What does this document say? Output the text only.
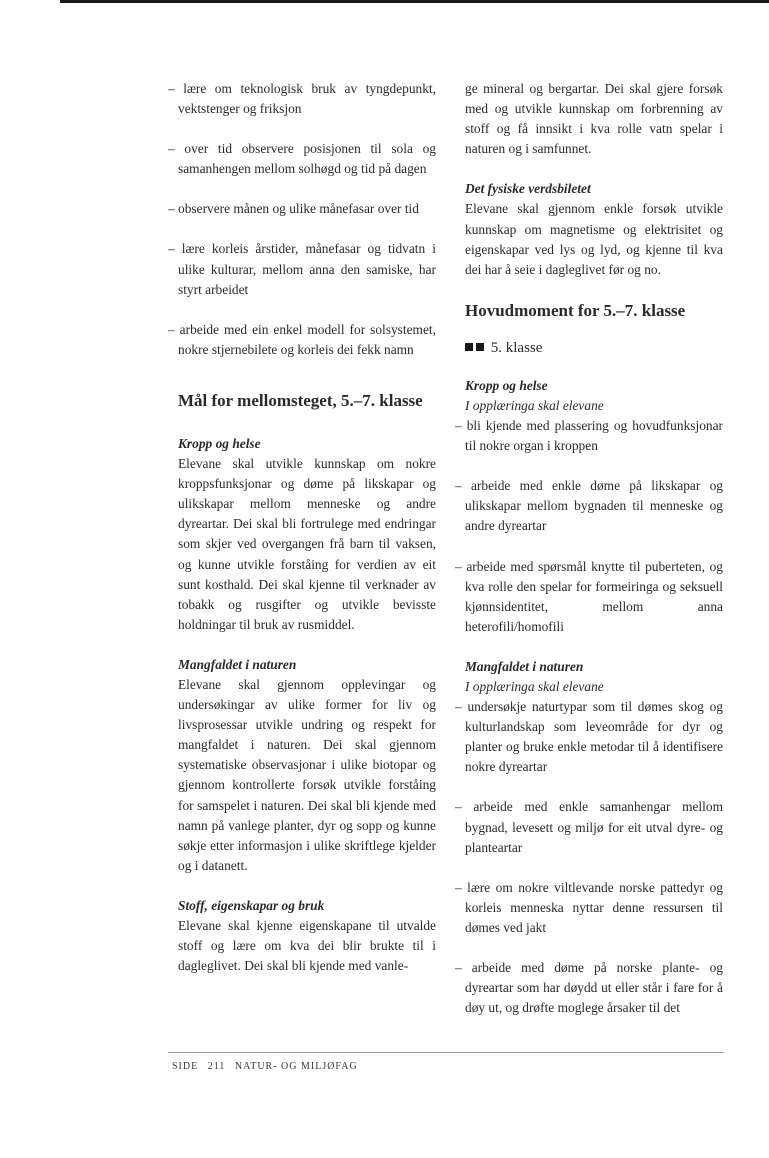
– lære om teknologisk bruk av tyngdepunkt, vektstenger og friksjon

– over tid observere posisjonen til sola og samanhengen mellom solhøgd og tid på dagen

– observere månen og ulike månefasar over tid

– lære korleis årstider, månefasar og tidvatn i ulike kulturar, mellom anna den samiske, har styrt arbeidet

– arbeide med ein enkel modell for solsystemet, nokre stjernebilete og korleis dei fekk namn

Mål for mellomsteget, 5.–7. klasse

Kropp og helse

Elevane skal utvikle kunnskap om nokre kroppsfunksjonar og døme på likskapar og ulikskapar mellom menneske og andre dyreartar. Dei skal bli fortrulege med endringar som skjer ved overgangen frå barn til vaksen, og kunne utvikle forståing for verdien av eit sunt kosthald. Dei skal kjenne til verknader av tobakk og rusgifter og utvikle bevisste holdningar til bruk av rusmiddel.

Mangfaldet i naturen

Elevane skal gjennom opplevingar og undersøkingar av ulike former for liv og livsprosessar utvikle undring og respekt for mangfaldet i naturen. Dei skal gjennom systematiske observasjonar i ulike biotopar og gjennom kontrollerte forsøk utvikle forståing for samspelet i naturen. Dei skal bli kjende med namn på vanlege planter, dyr og sopp og kunne søkje etter informasjon i ulike skriftlege kjelder og i datanett.

Stoff, eigenskapar og bruk

Elevane skal kjenne eigenskapane til utvalde stoff og lære om kva dei blir brukte til i dagleglivet. Dei skal bli kjende med vanle-

ge mineral og bergartar. Dei skal gjere forsøk med og utvikle kunnskap om forbrenning av stoff og få innsikt i kva rolle vatn spelar i naturen og i samfunnet.

Det fysiske verdsbiletet

Elevane skal gjennom enkle forsøk utvikle kunnskap om magnetisme og elektrisitet og eigenskapar ved lys og lyd, og kjenne til kva dei har å seie i dagleglivet før og no.

Hovudmoment for 5.–7. klasse

5. klasse

Kropp og helse

I opplæringa skal elevane

– bli kjende med plassering og hovudfunksjonar til nokre organ i kroppen

– arbeide med enkle døme på likskapar og ulikskapar mellom bygnaden til menneske og andre dyreartar

– arbeide med spørsmål knytte til puberteten, og kva rolle den spelar for formeiringa og seksuell kjønnsidentitet, mellom anna heterofili/homofili

Mangfaldet i naturen

I opplæringa skal elevane

– undersøkje naturtypar som til dømes skog og kulturlandskap som leveområde for dyr og planter og bruke enkle metodar til å identifisere nokre dyreartar

– arbeide med enkle samanhengar mellom bygnad, levesett og miljø for eit utval dyre- og planteartar

– lære om nokre viltlevande norske pattedyr og korleis menneska nyttar denne ressursen til dømes ved jakt

– arbeide med døme på norske plante- og dyreartar som har døydd ut eller står i fare for å døy ut, og drøfte moglege årsaker til det

SIDE 211 NATUR- OG MILJØFAG
